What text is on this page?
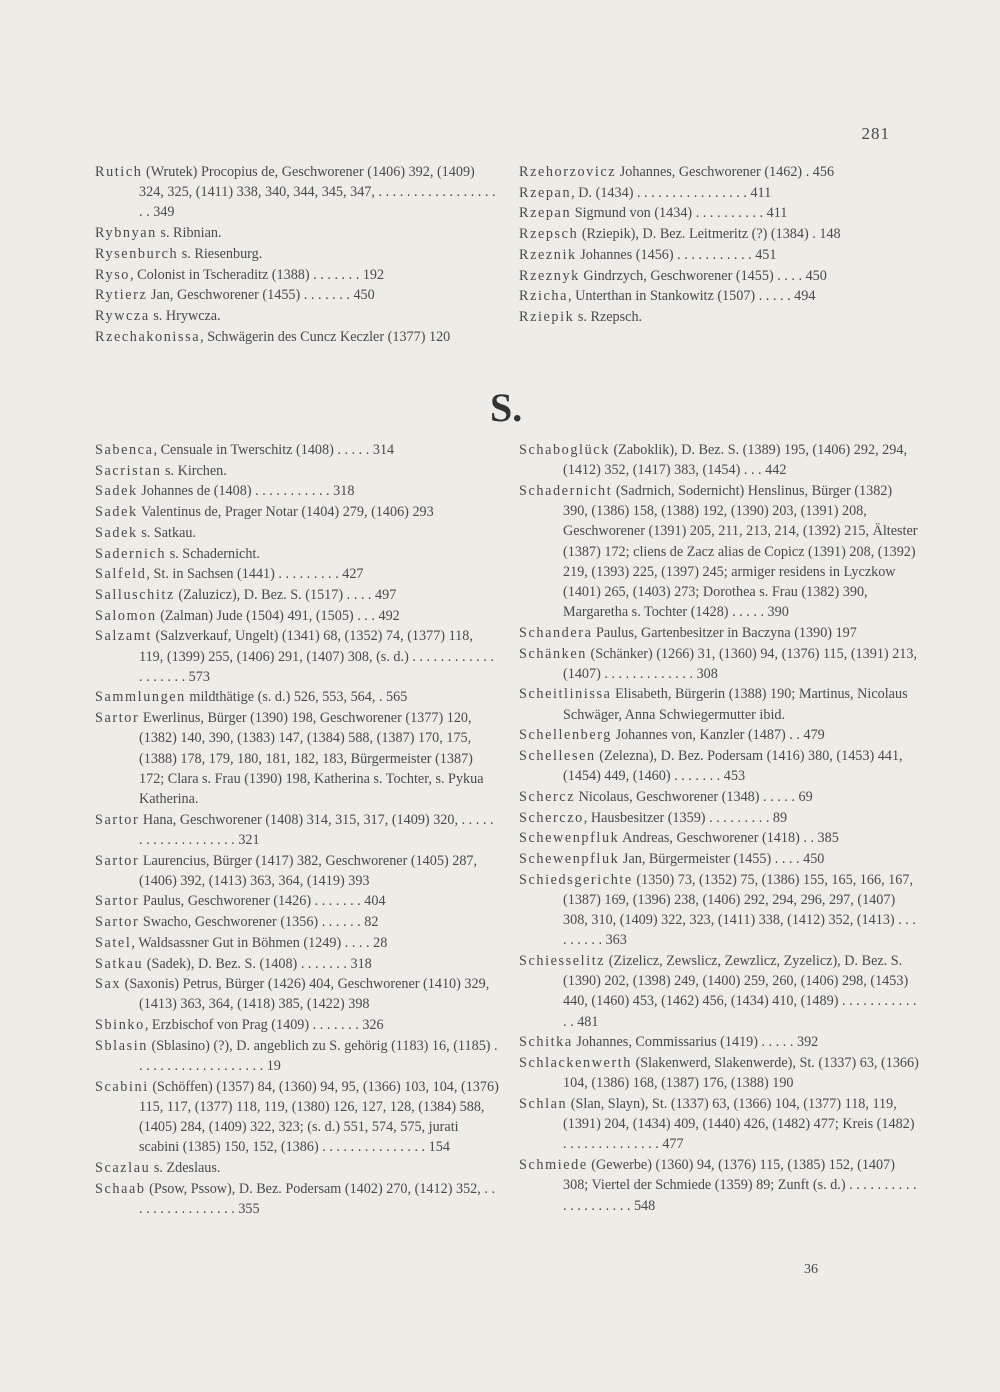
281
Rutich (Wrutek) Procopius de, Geschworener (1406) 392, (1409) 324, 325, (1411) 338, 340, 344, 345, 347, . . . . . . . . . . . . . . . . . . . 349
Rybnyan s. Ribnian.
Rysenburch s. Riesenburg.
Ryso, Colonist in Tscheraditz (1388) . . . . . . . 192
Rytierz Jan, Geschworener (1455) . . . . . . . 450
Rywcza s. Hrywcza.
Rzechakonissa, Schwägerin des Cuncz Keczler (1377) 120
Rzehorzovicz Johannes, Geschworener (1462) . 456
Rzepan, D. (1434) . . . . . . . . . . . . . . . . 411
Rzepan Sigmund von (1434) . . . . . . . . . . 411
Rzepsch (Rziepik), D. Bez. Leitmeritz (?) (1384) . 148
Rzeznik Johannes (1456) . . . . . . . . . . . 451
Rzeznyk Gindrzych, Geschworener (1455) . . . . 450
Rzicha, Unterthan in Stankowitz (1507) . . . . . 494
Rziepik s. Rzepsch.
S.
Sabenca, Censuale in Twerschitz (1408) . . . . . 314
Sacristan s. Kirchen.
Sadek Johannes de (1408) . . . . . . . . . . . 318
Sadek Valentinus de, Prager Notar (1404) 279, (1406) 293
Sadek s. Satkau.
Sadernich s. Schadernicht.
Salfeld, St. in Sachsen (1441) . . . . . . . . . 427
Salluschitz (Zaluzicz), D. Bez. S. (1517) . . . . 497
Salomon (Zalman) Jude (1504) 491, (1505) . . . 492
Salzamt (Salzverkauf, Ungelt) (1341) 68, (1352) 74, (1377) 118, 119, (1399) 255, (1406) 291, (1407) 308, (s. d.) . . . . . . . . . . . . . . . . . . . 573
Sammlungen mildthätige (s. d.) 526, 553, 564, . 565
Sartor Ewerlinus, Bürger (1390) 198, Geschworener (1377) 120, (1382) 140, 390, (1383) 147, (1384) 588, (1387) 170, 175, (1388) 178, 179, 180, 181, 182, 183, Bürgermeister (1387) 172; Clara s. Frau (1390) 198, Katherina s. Tochter, s. Pykua Katherina.
Sartor Hana, Geschworener (1408) 314, 315, 317, (1409) 320, . . . . . . . . . . . . . . . . . . . 321
Sartor Laurencius, Bürger (1417) 382, Geschworener (1405) 287, (1406) 392, (1413) 363, 364, (1419) 393
Sartor Paulus, Geschworener (1426) . . . . . . . 404
Sartor Swacho, Geschworener (1356) . . . . . . 82
Satel, Waldsassner Gut in Böhmen (1249) . . . . 28
Satkau (Sadek), D. Bez. S. (1408) . . . . . . . 318
Sax (Saxonis) Petrus, Bürger (1426) 404, Geschworener (1410) 329, (1413) 363, 364, (1418) 385, (1422) 398
Sbinko, Erzbischof von Prag (1409) . . . . . . . 326
Sblasin (Sblasino) (?), D. angeblich zu S. gehörig (1183) 16, (1185) . . . . . . . . . . . . . . . . . . . 19
Scabini (Schöffen) (1357) 84, (1360) 94, 95, (1366) 103, 104, (1376) 115, 117, (1377) 118, 119, (1380) 126, 127, 128, (1384) 588, (1405) 284, (1409) 322, 323; (s. d.) 551, 574, 575, jurati scabini (1385) 150, 152, (1386) . . . . . . . . . . . . . . . 154
Scazlau s. Zdeslaus.
Schaab (Psow, Pssow), D. Bez. Podersam (1402) 270, (1412) 352, . . . . . . . . . . . . . . . . 355
Schaboglück (Zaboklik), D. Bez. S. (1389) 195, (1406) 292, 294, (1412) 352, (1417) 383, (1454) . . . 442
Schadernicht (Sadrnich, Sodernicht) Henslinus, Bürger (1382) 390, (1386) 158, (1388) 192, (1390) 203, (1391) 208, Geschworener (1391) 205, 211, 213, 214, (1392) 215, Ältester (1387) 172; cliens de Zacz alias de Copicz (1391) 208, (1392) 219, (1393) 225, (1397) 245; armiger residens in Lyczkow (1401) 265, (1403) 273; Dorothea s. Frau (1382) 390, Margaretha s. Tochter (1428) . . . . . 390
Schandera Paulus, Gartenbesitzer in Baczyna (1390) 197
Schänken (Schänker) (1266) 31, (1360) 94, (1376) 115, (1391) 213, (1407) . . . . . . . . . . . . . 308
Scheitlinissa Elisabeth, Bürgerin (1388) 190; Martinus, Nicolaus Schwäger, Anna Schwiegermutter ibid.
Schellenberg Johannes von, Kanzler (1487) . . 479
Schellesen (Zelezna), D. Bez. Podersam (1416) 380, (1453) 441, (1454) 449, (1460) . . . . . . . 453
Schercz Nicolaus, Geschworener (1348) . . . . . 69
Scherczo, Hausbesitzer (1359) . . . . . . . . . 89
Schewenpfluk Andreas, Geschworener (1418) . . 385
Schewenpfluk Jan, Bürgermeister (1455) . . . . 450
Schiedsgerichte (1350) 73, (1352) 75, (1386) 155, 165, 166, 167, (1387) 169, (1396) 238, (1406) 292, 294, 296, 297, (1407) 308, 310, (1409) 322, 323, (1411) 338, (1412) 352, (1413) . . . . . . . . . 363
Schiesselitz (Zizelicz, Zewslicz, Zewzlicz, Zyzelicz), D. Bez. S. (1390) 202, (1398) 249, (1400) 259, 260, (1406) 298, (1453) 440, (1460) 453, (1462) 456, (1434) 410, (1489) . . . . . . . . . . . . . 481
Schitka Johannes, Commissarius (1419) . . . . . 392
Schlackenwerth (Slakenwerd, Slakenwerde), St. (1337) 63, (1366) 104, (1386) 168, (1387) 176, (1388) 190
Schlan (Slan, Slayn), St. (1337) 63, (1366) 104, (1377) 118, 119, (1391) 204, (1434) 409, (1440) 426, (1482) 477; Kreis (1482) . . . . . . . . . . . . . . 477
Schmiede (Gewerbe) (1360) 94, (1376) 115, (1385) 152, (1407) 308; Viertel der Schmiede (1359) 89; Zunft (s. d.) . . . . . . . . . . . . . . . . . . . . 548
36
